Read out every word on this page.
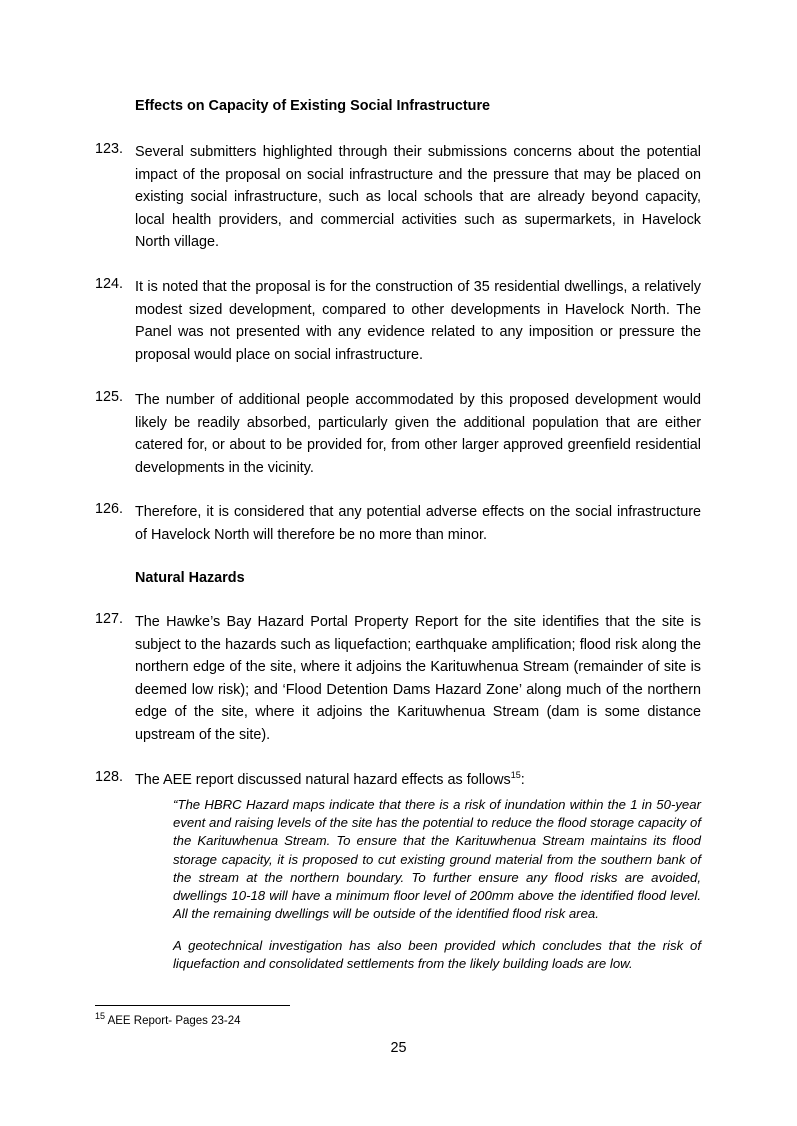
Effects on Capacity of Existing Social Infrastructure
123. Several submitters highlighted through their submissions concerns about the potential impact of the proposal on social infrastructure and the pressure that may be placed on existing social infrastructure, such as local schools that are already beyond capacity, local health providers, and commercial activities such as supermarkets, in Havelock North village.

124. It is noted that the proposal is for the construction of 35 residential dwellings, a relatively modest sized development, compared to other developments in Havelock North. The Panel was not presented with any evidence related to any imposition or pressure the proposal would place on social infrastructure.

125. The number of additional people accommodated by this proposed development would likely be readily absorbed, particularly given the additional population that are either catered for, or about to be provided for, from other larger approved greenfield residential developments in the vicinity.

126. Therefore, it is considered that any potential adverse effects on the social infrastructure of Havelock North will therefore be no more than minor.

Natural Hazards
127. The Hawke’s Bay Hazard Portal Property Report for the site identifies that the site is subject to the hazards such as liquefaction; earthquake amplification; flood risk along the northern edge of the site, where it adjoins the Karituwhenua Stream (remainder of site is deemed low risk); and ‘Flood Detention Dams Hazard Zone’ along much of the northern edge of the site, where it adjoins the Karituwhenua Stream (dam is some distance upstream of the site).

128. The AEE report discussed natural hazard effects as follows$^{15}$:

“The HBRC Hazard maps indicate that there is a risk of inundation within the 1 in 50-year event and raising levels of the site has the potential to reduce the flood storage capacity of the Karituwhenua Stream. To ensure that the Karituwhenua Stream maintains its flood storage capacity, it is proposed to cut existing ground material from the southern bank of the stream at the northern boundary. To further ensure any flood risks are avoided, dwellings 10-18 will have a minimum floor level of 200mm above the identified flood level. All the remaining dwellings will be outside of the identified flood risk area.

A geotechnical investigation has also been provided which concludes that the risk of liquefaction and consolidated settlements from the likely building loads are low.

$^{15}$ AEE Report- Pages 23-24

25
